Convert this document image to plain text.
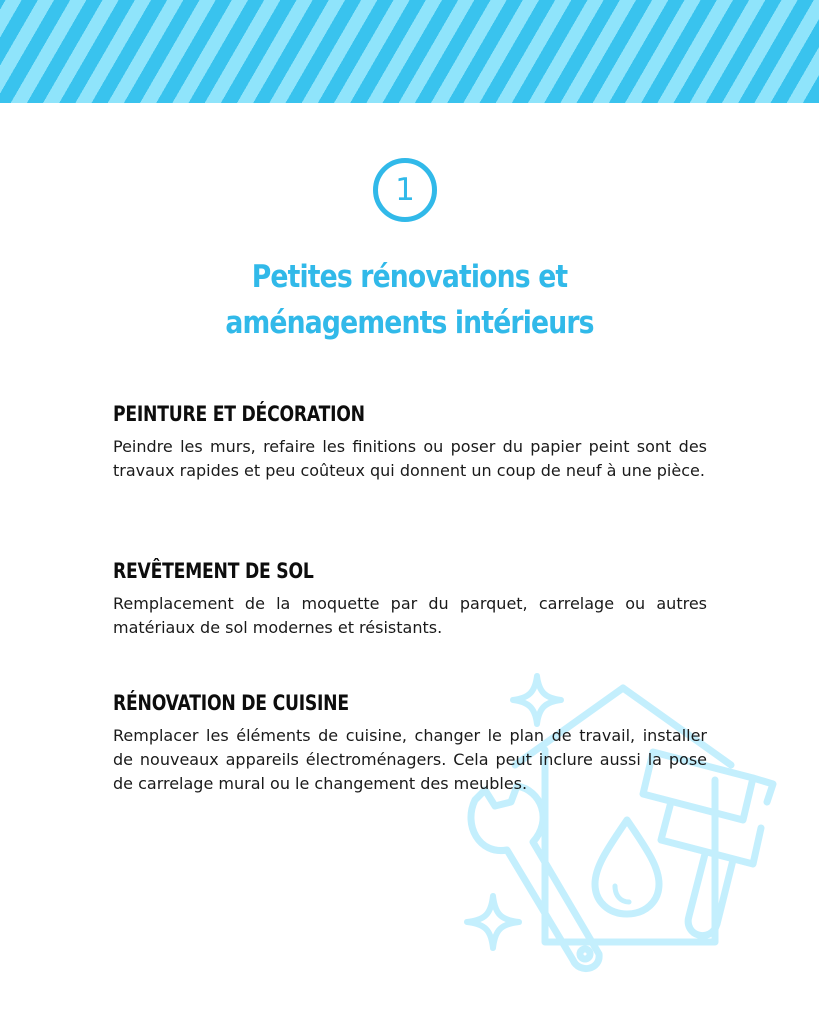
1
Petites rénovations et
aménagements intérieurs
PEINTURE ET DÉCORATION

Peindre les murs, refaire les finitions ou poser du papier peint sont des travaux rapides et peu coûteux qui donnent un coup de neuf à une pièce.

REVÊTEMENT DE SOL

Remplacement de la moquette par du parquet, carrelage ou autres matériaux de sol modernes et résistants.

RÉNOVATION DE CUISINE

Remplacer les éléments de cuisine, changer le plan de travail, installer de nouveaux appareils électroménagers. Cela peut inclure aussi la pose de carrelage mural ou le changement des meubles.
